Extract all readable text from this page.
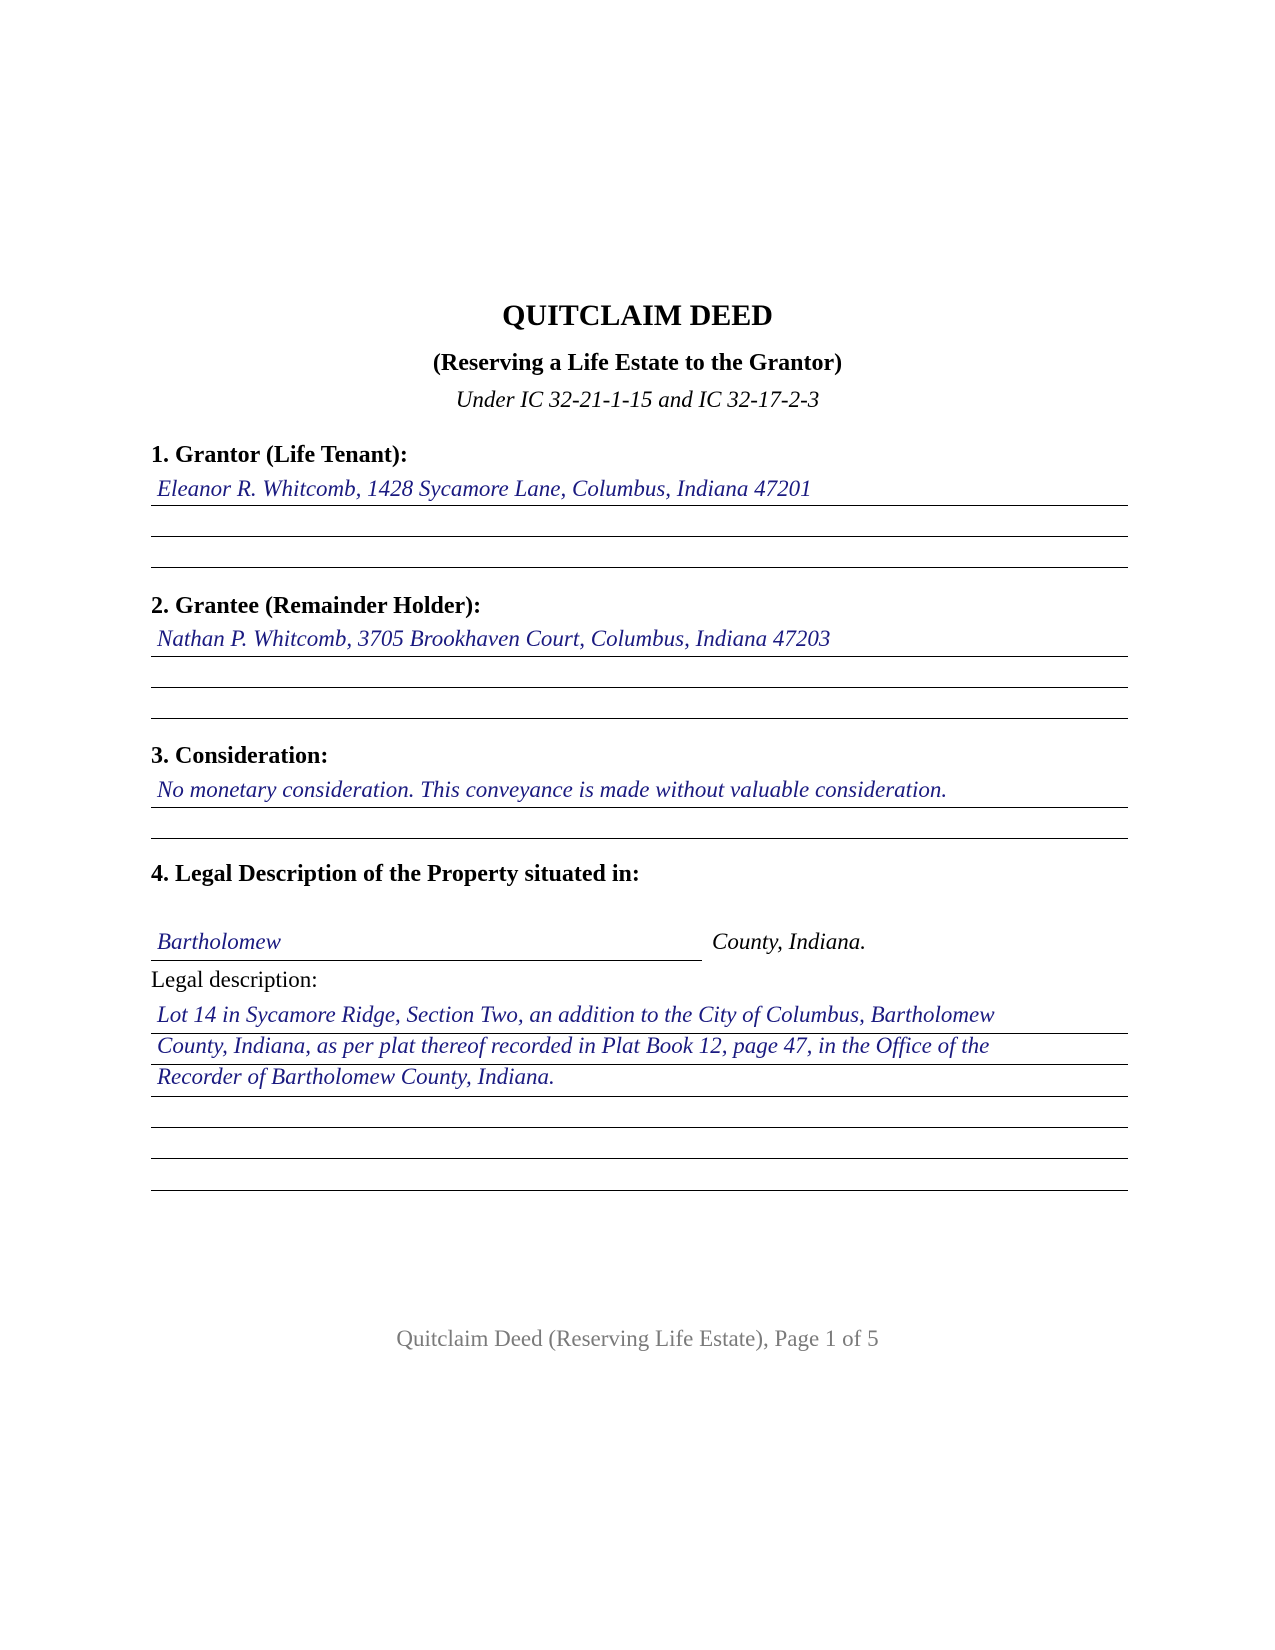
QUITCLAIM DEED
(Reserving a Life Estate to the Grantor)
Under IC 32-21-1-15 and IC 32-17-2-3
1. Grantor (Life Tenant):
Eleanor R. Whitcomb, 1428 Sycamore Lane, Columbus, Indiana 47201
2. Grantee (Remainder Holder):
Nathan P. Whitcomb, 3705 Brookhaven Court, Columbus, Indiana 47203
3. Consideration:
No monetary consideration. This conveyance is made without valuable consideration.
4. Legal Description of the Property situated in:
Bartholomew	County, Indiana.
Legal description:
Lot 14 in Sycamore Ridge, Section Two, an addition to the City of Columbus, Bartholomew
County, Indiana, as per plat thereof recorded in Plat Book 12, page 47, in the Office of the
Recorder of Bartholomew County, Indiana.
Quitclaim Deed (Reserving Life Estate), Page 1 of 5
